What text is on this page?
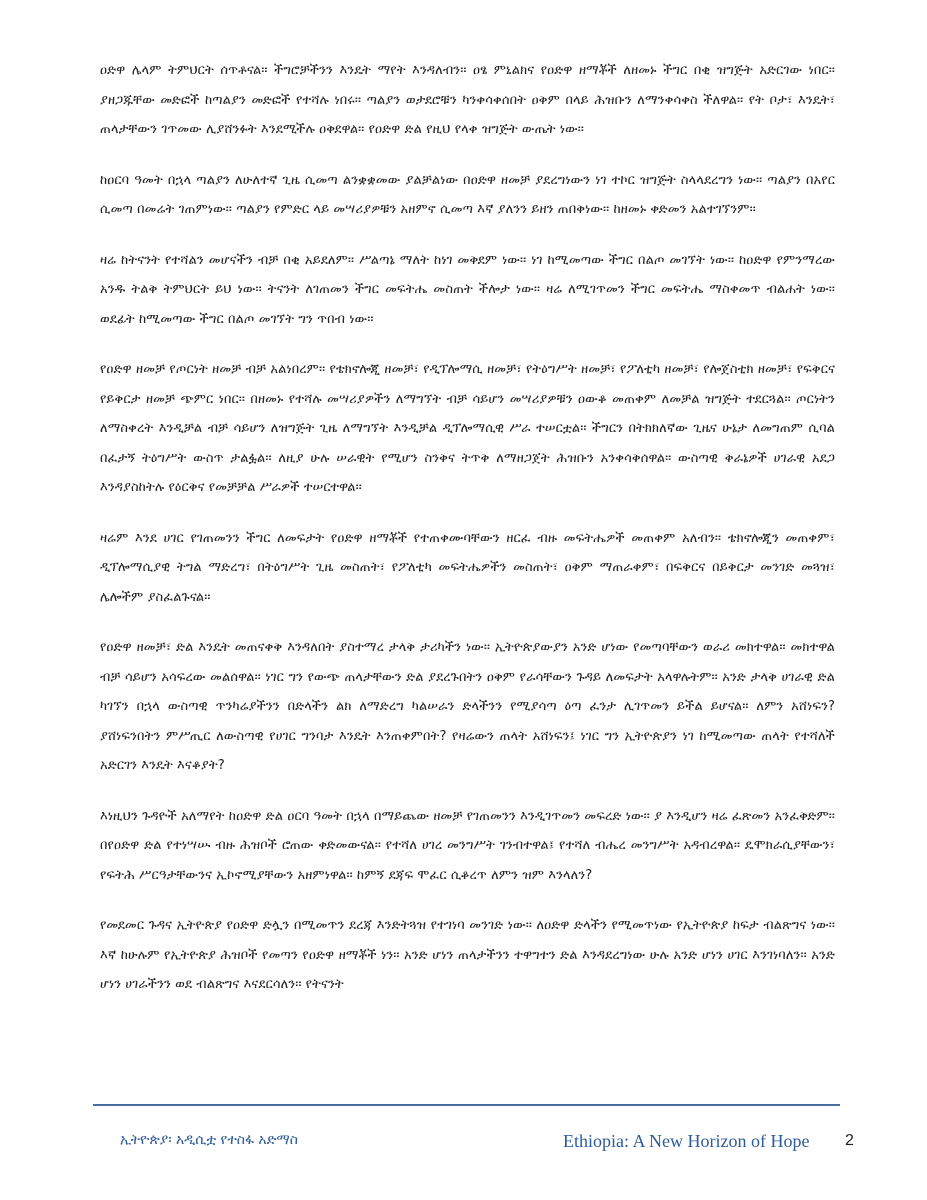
ዐድዋ ሌላም ትምህርት ሰጥቶናል፡፡ ችግሮቻችንን እንዴት ማየት እንዳለብን፡፡ ዐፄ ምኒልክና የዐድዋ ዘማቾች ለዘመኑ ችግር በቂ ዝግጅት አድርገው ነበር፡፡ ያዘጋጁቸው መድፎች ከጣልያን መድፎች የተሻሉ ነበሩ፡፡ ጣልያን ወታደሮቹን ካንቀሳቀሰበት ዐቅም በላይ ሕዝቡን ለማንቀሳቀስ ችለዋል፡፡ የት ቦታ፣ እንዴት፣ ጠላታቸውን ገጥመው ሊያሸንፉት እንደሚችሉ ዐቅደዋል፡፡ የዐድዋ ድል የዚህ የላቀ ዝግጅት ውጤት ነው፡፡

ከዐርባ ዓመት በኋላ ጣልያን ለሁለተኛ ጊዜ ሲመጣ ልንቋቋመው ያልቻልነው በዐድዋ ዘመቻ ያደረግነውን ነገ ተኮር ዝግጅት ስላላደረግን ነው፡፡ ጣልያን በአየር ሲመጣ በመሬት ገጠምነው፡፡ ጣልያን የምድር ላይ መሣሪያዎቹን አዘምኖ ሲመጣ እኛ ያለንን ይዘን ጠበቅነው፡፡ ከዘመኑ ቀድመን አልተገኘንም፡፡

ዛሬ ከትናንት የተሻልን መሆናችን ብቻ በቂ አይደለም፡፡ ሥልጣኔ ማለት ከነገ መቅደም ነው፡፡ ነገ ከሚመጣው ችግር በልጦ መገኘት ነው፡፡ ከዐድዋ የምንማረው አንዱ ትልቅ ትምህርት ይህ ነው፡፡ ትናንት ለገጠመን ችግር መፍትሔ መስጠት ችሎታ ነው፡፡ ዛሬ ለሚገጥመን ችግር መፍትሔ ማስቀመጥ ብልሐት ነው፡፡ ወደፊት ከሚመጣው ችግር በልጦ መገኘት ግን ጥበብ ነው፡፡

የዐድዋ ዘመቻ የጦርነት ዘመቻ ብቻ አልነበረም፡፡ የቴክኖሎጂ ዘመቻ፣ የዲፕሎማሲ ዘመቻ፣ የትዕግሥት ዘመቻ፣ የፖለቲካ ዘመቻ፣ የሎጀስቲክ ዘመቻ፣ የፍቅርና የይቅርታ ዘመቻ ጭምር ነበር፡፡ በዘመኑ የተሻሉ መሣሪያዎችን ለማግኘት ብቻ ሳይሆን መሣሪያዎቹን ዐውቆ መጠቀም ለመቻል ዝግጅት ተደርጓል፡፡ ጦርነትን ለማስቀረት እንዲቻል ብቻ ሳይሆን ለዝግጅት ጊዜ ለማግኘት እንዲቻል ዲፕሎማሲዊ ሥራ ተሠርቷል፡፡ ችግርን በትክክለኛው ጊዜና ሁኔታ ለመግጠም ሲባል በፈታኝ ትዕግሥት ውስጥ ታልፏል፡፡ ለዚያ ሁሉ ሠራዊት የሚሆን ስንቅና ትጥቅ ለማዘጋጀት ሕዝቡን አንቀሳቅሰዋል፡፡ ውስጣዊ ቅራኔዎች ሀገራዊ አደጋ እንዳያስከትሉ የዕርቅና የመቻቻል ሥራዎች ተሠርተዋል፡፡

ዛሬም እንደ ሀገር የገጠመንን ችግር ለመፍታት የዐድዋ ዘማቾች የተጠቀሙባቸውን ዘርፈ ብዙ መፍትሔዎች መጠቀም አለብን፡፡ ቴክኖሎጂን መጠቀም፣ ዲፕሎማሲያዊ ትግል ማድረግ፣ በትዕግሥት ጊዜ መስጠት፣ የፖለቲካ መፍትሔዎችን መስጠት፣ ዐቅም ማጠራቀም፣ በፍቅርና በይቅርታ መንገድ መጓዝ፣ ሌሎችም ያስፈልጉናል፡፡

የዐድዋ ዘመቻ፣ ድል እንዴት መጠናቀቅ እንዳለበት ያስተማረ ታላቅ ታሪካችን ነው፡፡ ኢትዮጵያውያን አንድ ሆነው የመጣባቸውን ወራሪ መክተዋል፡፡ መክተዋል ብቻ ሳይሆን አሳፍረው መልሰዋል፡፡ ነገር ግን የውጭ ጠላታቸውን ድል ያደረጉበትን ዐቅም የራሳቸውን ጉዳይ ለመፍታት አላዋሉትም፡፡ አንድ ታላቅ ሀገራዊ ድል ካገኘን በኋላ ውስጣዊ ጥንካሬያችንን በድላችን ልክ ለማድረግ ካልሠራን ድላችንን የሚያሳጣ ዕጣ ፈንታ ሊገጥመን ይችል ይሆናል፡፡ ለምን አሸነፍን? ያሸነፍንበትን ምሥጢር ለውስጣዊ የሀገር ግንባታ እንዴት እንጠቀምበት? የዛሬውን ጠላት አሸነፍን፤ ነገር ግን ኢትዮጵያን ነገ ከሚመጣው ጠላት የተሻለች አድርገን እንዴት እናቆያት?

እነዚህን ጉዳዮች አለማየት ከዐድዋ ድል ዐርባ ዓመት በኋላ በማይጨው ዘመቻ የገጠመንን እንዲገጥመን መፍረድ ነው፡፡ ያ እንዲሆን ዛሬ ፈጽመን አንፈቅድም፡፡ በየዐድዋ ድል የተነሣሡ ብዙ ሕዝቦች ሮጠው ቀድመውናል፡፡ የተሻለ ሀገረ መንግሥት ገንብተዋል፤ የተሻለ ብሔረ መንግሥት አዳብረዋል፡፡ ዴሞክራሲያቸውን፣ የፍትሕ ሥርዓታቸውንና ኢኮኖሚያቸውን አዘምነዋል፡፡ ከምኝ ደጃፍ ሞፈር ሲቆረጥ ለምን ዝም እንላለን?

የመደመር ጉዳና ኢትዮጵያ የዐድዋ ድሏን በሚመጥን ደረጃ እንድትጓዝ የተገነባ መንገድ ነው፡፡ ለዐድዋ ድላችን የሚመጥነው የኢትዮጵያ ከፍታ ብልጽግና ነው፡፡ እኛ ከሁሉም የኢትዮጵያ ሕዝቦች የመጣን የዐድዋ ዘማቾች ነን፡፡ አንድ ሆነን ጠላታችንን ተዋግተን ድል እንዳደረግነው ሁሉ አንድ ሆነን ሀገር እንገነባለን፡፡ አንድ ሆነን ሀገራችንን ወደ ብልጽግና እናደርሳለን፡፡ የትናንት

ኢትዮጵያ፡ አዲሲቷ የተስፋ አድማስ	Ethiopia: A New Horizon of Hope 2
